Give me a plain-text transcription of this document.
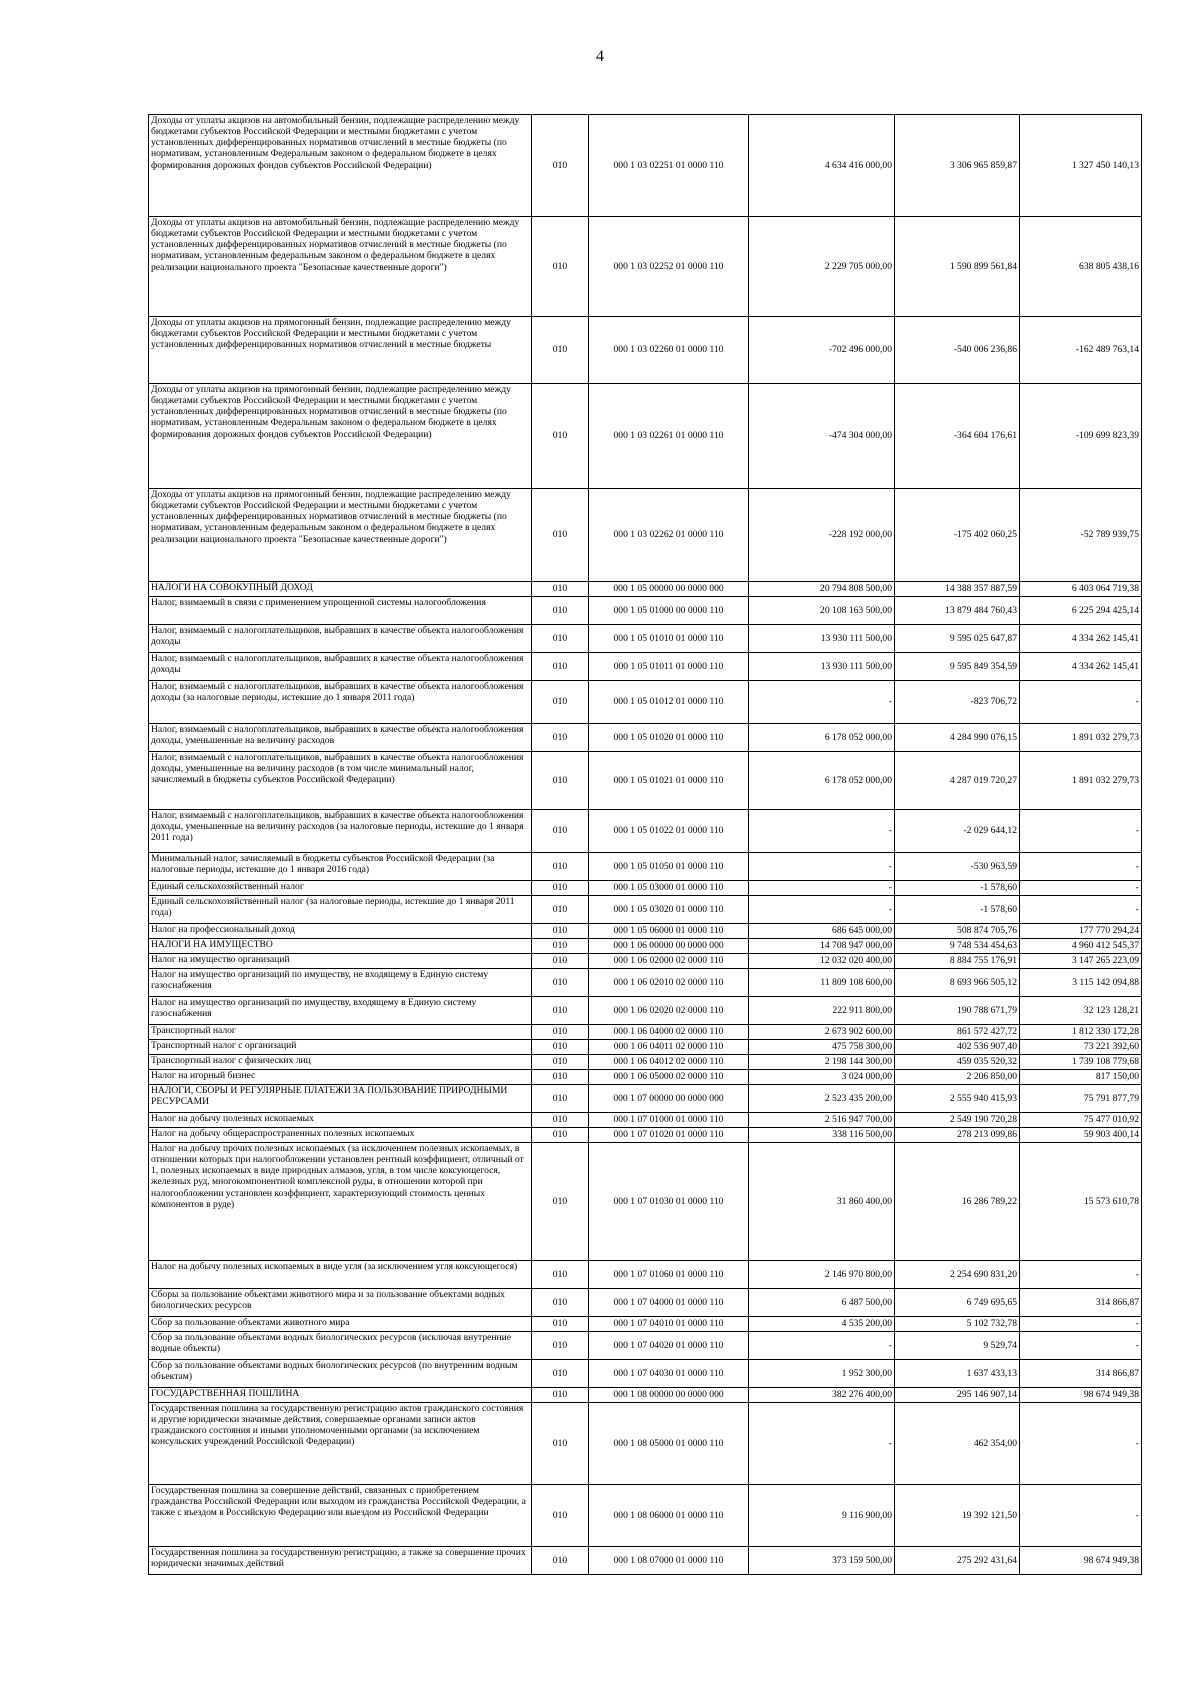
4
Доходы от уплаты акцизов на автомобильный бензин, подлежащие распределению между бюджетами субъектов Российской Федерации и местными бюджетами с учетом установленных дифференцированных нормативов отчислений в местные бюджеты (по нормативам, установленным Федеральным законом о федеральном бюджете в целях формирования дорожных фондов субъектов Российской Федерации)	010	000 1 03 02251 01 0000 110	4 634 416 000,00	3 306 965 859,87	1 327 450 140,13
Доходы от уплаты акцизов на автомобильный бензин, подлежащие распределению между бюджетами субъектов Российской Федерации и местными бюджетами с учетом установленных дифференцированных нормативов отчислений в местные бюджеты (по нормативам, установленным федеральным законом о федеральном бюджете в целях реализации национального проекта "Безопасные качественные дороги")	010	000 1 03 02252 01 0000 110	2 229 705 000,00	1 590 899 561,84	638 805 438,16
Доходы от уплаты акцизов на прямогонный бензин, подлежащие распределению между бюджетами субъектов Российской Федерации и местными бюджетами с учетом установленных дифференцированных нормативов отчислений в местные бюджеты	010	000 1 03 02260 01 0000 110	-702 496 000,00	-540 006 236,86	-162 489 763,14
Доходы от уплаты акцизов на прямогонный бензин, подлежащие распределению между бюджетами субъектов Российской Федерации и местными бюджетами с учетом установленных дифференцированных нормативов отчислений в местные бюджеты (по нормативам, установленным Федеральным законом о федеральном бюджете в целях формирования дорожных фондов субъектов Российской Федерации)	010	000 1 03 02261 01 0000 110	-474 304 000,00	-364 604 176,61	-109 699 823,39
Доходы от уплаты акцизов на прямогонный бензин, подлежащие распределению между бюджетами субъектов Российской Федерации и местными бюджетами с учетом установленных дифференцированных нормативов отчислений в местные бюджеты (по нормативам, установленным федеральным законом о федеральном бюджете в целях реализации национального проекта "Безопасные качественные дороги")	010	000 1 03 02262 01 0000 110	-228 192 000,00	-175 402 060,25	-52 789 939,75
НАЛОГИ НА СОВОКУПНЫЙ ДОХОД	010	000 1 05 00000 00 0000 000	20 794 808 500,00	14 388 357 887,59	6 403 064 719,38
Налог, взимаемый в связи с применением упрощенной системы налогообложения	010	000 1 05 01000 00 0000 110	20 108 163 500,00	13 879 484 760,43	6 225 294 425,14
Налог, взимаемый с налогоплательщиков, выбравших в качестве объекта налогообложения доходы	010	000 1 05 01010 01 0000 110	13 930 111 500,00	9 595 025 647,87	4 334 262 145,41
Налог, взимаемый с налогоплательщиков, выбравших в качестве объекта налогообложения доходы	010	000 1 05 01011 01 0000 110	13 930 111 500,00	9 595 849 354,59	4 334 262 145,41
Налог, взимаемый с налогоплательщиков, выбравших в качестве объекта налогообложения доходы (за налоговые периоды, истекшие до 1 января 2011 года)	010	000 1 05 01012 01 0000 110	-	-823 706,72	-
Налог, взимаемый с налогоплательщиков, выбравших в качестве объекта налогообложения доходы, уменьшенные на величину расходов	010	000 1 05 01020 01 0000 110	6 178 052 000,00	4 284 990 076,15	1 891 032 279,73
Налог, взимаемый с налогоплательщиков, выбравших в качестве объекта налогообложения доходы, уменьшенные на величину расходов (в том числе минимальный налог, зачисляемый в бюджеты субъектов Российской Федерации)	010	000 1 05 01021 01 0000 110	6 178 052 000,00	4 287 019 720,27	1 891 032 279,73
Налог, взимаемый с налогоплательщиков, выбравших в качестве объекта налогообложения доходы, уменьшенные на величину расходов (за налоговые периоды, истекшие до 1 января 2011 года)	010	000 1 05 01022 01 0000 110	-	-2 029 644,12	-
Минимальный налог, зачисляемый в бюджеты субъектов Российской Федерации (за налоговые периоды, истекшие до 1 января 2016 года)	010	000 1 05 01050 01 0000 110	-	-530 963,59	-
Единый сельскохозяйственный налог	010	000 1 05 03000 01 0000 110	-	-1 578,60	-
Единый сельскохозяйственный налог (за налоговые периоды, истекшие до 1 января 2011 года)	010	000 1 05 03020 01 0000 110	-	-1 578,60	-
Налог на профессиональный доход	010	000 1 05 06000 01 0000 110	686 645 000,00	508 874 705,76	177 770 294,24
НАЛОГИ НА ИМУЩЕСТВО	010	000 1 06 00000 00 0000 000	14 708 947 000,00	9 748 534 454,63	4 960 412 545,37
Налог на имущество организаций	010	000 1 06 02000 02 0000 110	12 032 020 400,00	8 884 755 176,91	3 147 265 223,09
Налог на имущество организаций по имуществу, не входящему в Единую систему газоснабжения	010	000 1 06 02010 02 0000 110	11 809 108 600,00	8 693 966 505,12	3 115 142 094,88
Налог на имущество организаций по имуществу, входящему в Единую систему газоснабжения	010	000 1 06 02020 02 0000 110	222 911 800,00	190 788 671,79	32 123 128,21
Транспортный налог	010	000 1 06 04000 02 0000 110	2 673 902 600,00	861 572 427,72	1 812 330 172,28
Транспортный налог с организаций	010	000 1 06 04011 02 0000 110	475 758 300,00	402 536 907,40	73 221 392,60
Транспортный налог с физических лиц	010	000 1 06 04012 02 0000 110	2 198 144 300,00	459 035 520,32	1 739 108 779,68
Налог на игорный бизнес	010	000 1 06 05000 02 0000 110	3 024 000,00	2 206 850,00	817 150,00
НАЛОГИ, СБОРЫ И РЕГУЛЯРНЫЕ ПЛАТЕЖИ ЗА ПОЛЬЗОВАНИЕ ПРИРОДНЫМИ РЕСУРСАМИ	010	000 1 07 00000 00 0000 000	2 523 435 200,00	2 555 940 415,93	75 791 877,79
Налог на добычу полезных ископаемых	010	000 1 07 01000 01 0000 110	2 516 947 700,00	2 549 190 720,28	75 477 010,92
Налог на добычу общераспространенных полезных ископаемых	010	000 1 07 01020 01 0000 110	338 116 500,00	278 213 099,86	59 903 400,14
Налог на добычу прочих полезных ископаемых (за исключением полезных ископаемых, в отношении которых при налогообложении установлен рентный коэффициент, отличный от 1, полезных ископаемых в виде природных алмазов, угля, в том числе коксующегося, железных руд, многокомпонентной комплексной руды, в отношении которой при налогообложении установлен коэффициент, характеризующий стоимость ценных компонентов в руде)	010	000 1 07 01030 01 0000 110	31 860 400,00	16 286 789,22	15 573 610,78
Налог на добычу полезных ископаемых в виде угля (за исключением угля коксующегося)	010	000 1 07 01060 01 0000 110	2 146 970 800,00	2 254 690 831,20	-
Сборы за пользование объектами животного мира и за пользование объектами водных биологических ресурсов	010	000 1 07 04000 01 0000 110	6 487 500,00	6 749 695,65	314 866,87
Сбор за пользование объектами животного мира	010	000 1 07 04010 01 0000 110	4 535 200,00	5 102 732,78	-
Сбор за пользование объектами водных биологических ресурсов (исключая внутренние водные объекты)	010	000 1 07 04020 01 0000 110	-	9 529,74	-
Сбор за пользование объектами водных биологических ресурсов (по внутренним водным объектам)	010	000 1 07 04030 01 0000 110	1 952 300,00	1 637 433,13	314 866,87
ГОСУДАРСТВЕННАЯ ПОШЛИНА	010	000 1 08 00000 00 0000 000	382 276 400,00	295 146 907,14	98 674 949,38
Государственная пошлина за государственную регистрацию актов гражданского состояния и другие юридически значимые действия, совершаемые органами записи актов гражданского состояния и иными уполномоченными органами (за исключением консульских учреждений Российской Федерации)	010	000 1 08 05000 01 0000 110	-	462 354,00	-
Государственная пошлина за совершение действий, связанных с приобретением гражданства Российской Федерации или выходом из гражданства Российской Федерации, а также с въездом в Российскую Федерацию или выездом из Российской Федерации	010	000 1 08 06000 01 0000 110	9 116 900,00	19 392 121,50	-
Государственная пошлина за государственную регистрацию, а также за совершение прочих юридически значимых действий	010	000 1 08 07000 01 0000 110	373 159 500,00	275 292 431,64	98 674 949,38
